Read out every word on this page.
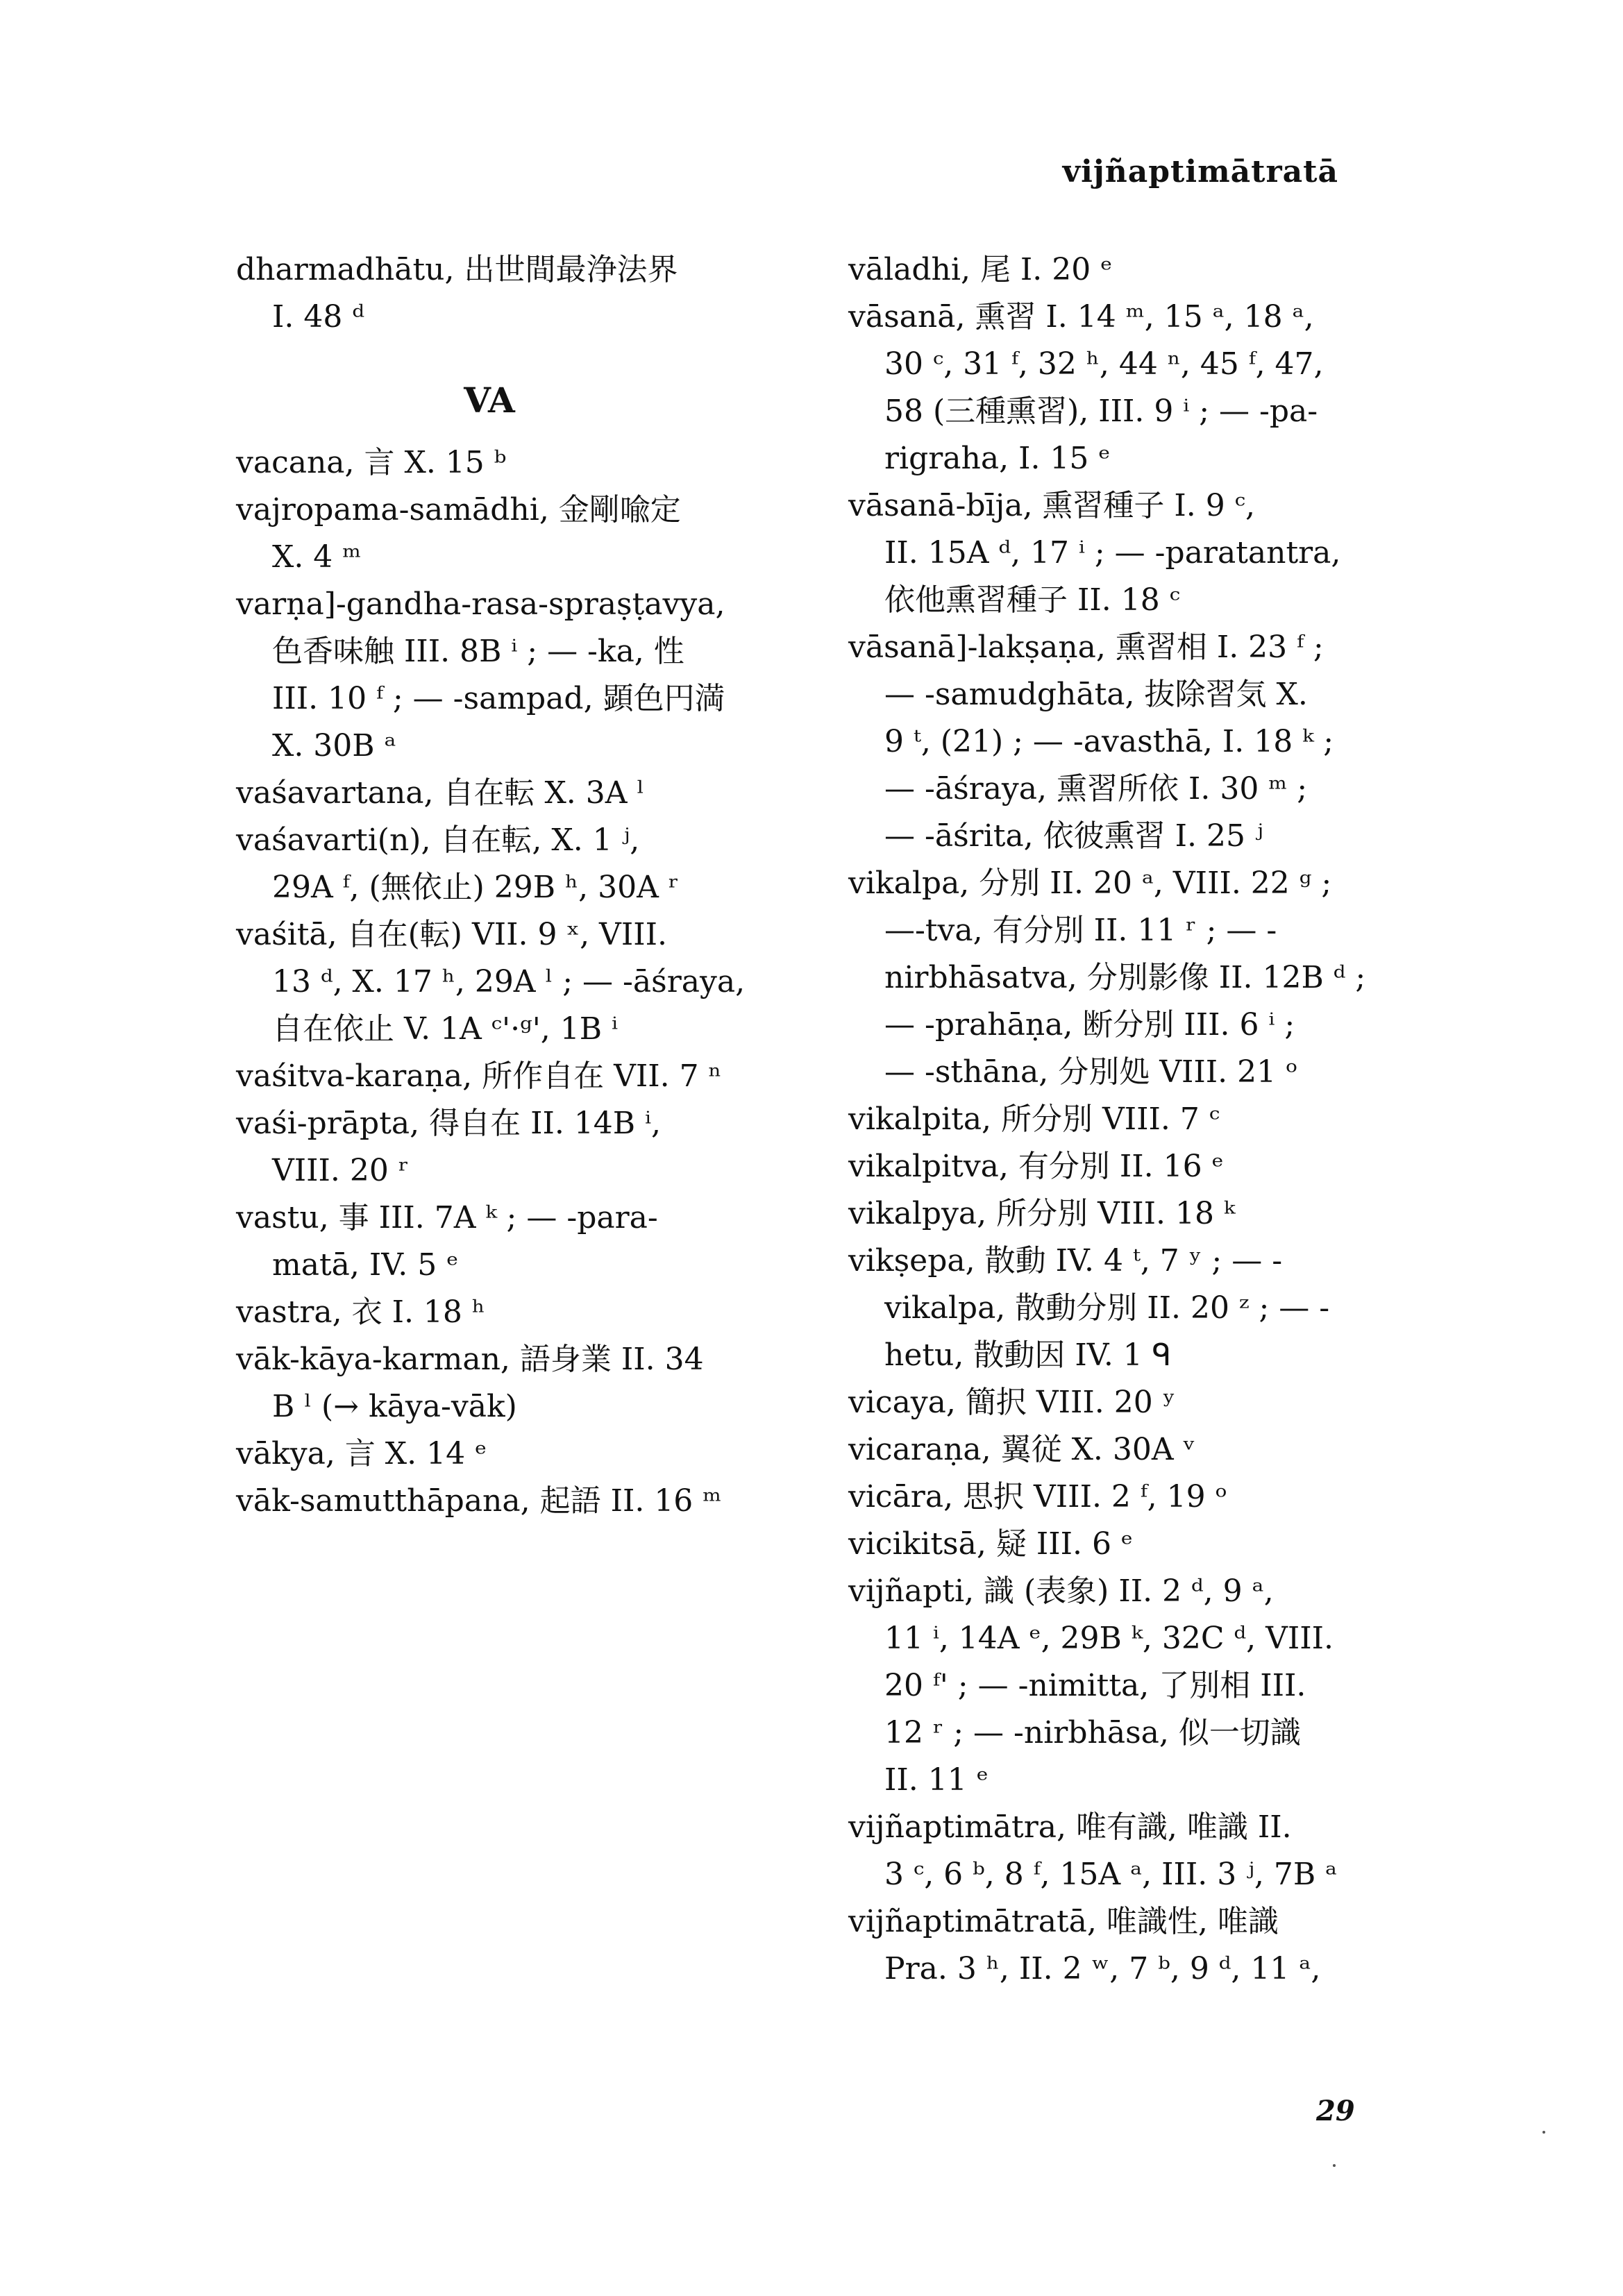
vijñaptimātratā
dharmadhātu, 出世間最浄法界
I. 48 ᵈ
VA
vacana, 言 X. 15 ᵇ
vajropama-samādhi, 金剛喩定
X. 4 ᵐ
varṇa]-gandha-rasa-spraṣṭavya,
色香味触 III. 8B ⁱ ; — -ka, 性
III. 10 ᶠ ; — -sampad, 顕色円満
X. 30B ᵃ
vaśavartana, 自在転 X. 3A ˡ
vaśavarti(n), 自在転, X. 1 ʲ,
29A ᶠ, (無依止) 29B ʰ, 30A ʳ
vaśitā, 自在(転) VII. 9 ˣ, VIII.
13 ᵈ, X. 17 ʰ, 29A ˡ ; — -āśraya,
自在依止 V. 1A ᶜ'·ᵍ', 1B ⁱ
vaśitva-karaṇa, 所作自在 VII. 7 ⁿ
vaśi-prāpta, 得自在 II. 14B ⁱ,
VIII. 20 ʳ
vastu, 事 III. 7A ᵏ ; — -para-
matā, IV. 5 ᵉ
vastra, 衣 I. 18 ʰ
vāk-kāya-karman, 語身業 II. 34
B ˡ (→ kāya-vāk)
vākya, 言 X. 14 ᵉ
vāk-samutthāpana, 起語 II. 16 ᵐ
vāladhi, 尾 I. 20 ᵉ
vāsanā, 熏習 I. 14 ᵐ, 15 ᵃ, 18 ᵃ,
30 ᶜ, 31 ᶠ, 32 ʰ, 44 ⁿ, 45 ᶠ, 47,
58 (三種熏習), III. 9 ⁱ ; — -pa-
rigraha, I. 15 ᵉ
vāsanā-bīja, 熏習種子 I. 9 ᶜ,
II. 15A ᵈ, 17 ⁱ ; — -paratantra,
依他熏習種子 II. 18 ᶜ
vāsanā]-lakṣaṇa, 熏習相 I. 23 ᶠ ;
— -samudghāta, 抜除習気 X.
9 ᵗ, (21) ; — -avasthā, I. 18 ᵏ ;
— -āśraya, 熏習所依 I. 30 ᵐ ;
— -āśrita, 依彼熏習 I. 25 ʲ
vikalpa, 分別 II. 20 ᵃ, VIII. 22 ᵍ ;
—-tva, 有分別 II. 11 ʳ ; — -
nirbhāsatva, 分別影像 II. 12B ᵈ ;
— -prahāṇa, 断分別 III. 6 ⁱ ;
— -sthāna, 分別処 VIII. 21 ᵒ
vikalpita, 所分別 VIII. 7 ᶜ
vikalpitva, 有分別 II. 16 ᵉ
vikalpya, 所分別 VIII. 18 ᵏ
vikṣepa, 散動 IV. 4 ᵗ, 7 ʸ ; — -
vikalpa, 散動分別 II. 20 ᶻ ; — -
hetu, 散動因 IV. 1 ᑫ
vicaya, 簡択 VIII. 20 ʸ
vicaraṇa, 翼従 X. 30A ᵛ
vicāra, 思択 VIII. 2 ᶠ, 19 ᵒ
vicikitsā, 疑 III. 6 ᵉ
vijñapti, 識 (表象) II. 2 ᵈ, 9 ᵃ,
11 ⁱ, 14A ᵉ, 29B ᵏ, 32C ᵈ, VIII.
20 ᶠ' ; — -nimitta, 了別相 III.
12 ʳ ; — -nirbhāsa, 似一切識
II. 11 ᵉ
vijñaptimātra, 唯有識, 唯識 II.
3 ᶜ, 6 ᵇ, 8 ᶠ, 15A ᵃ, III. 3 ʲ, 7B ᵃ
vijñaptimātratā, 唯識性, 唯識
Pra. 3 ʰ, II. 2 ʷ, 7 ᵇ, 9 ᵈ, 11 ᵃ,
29
